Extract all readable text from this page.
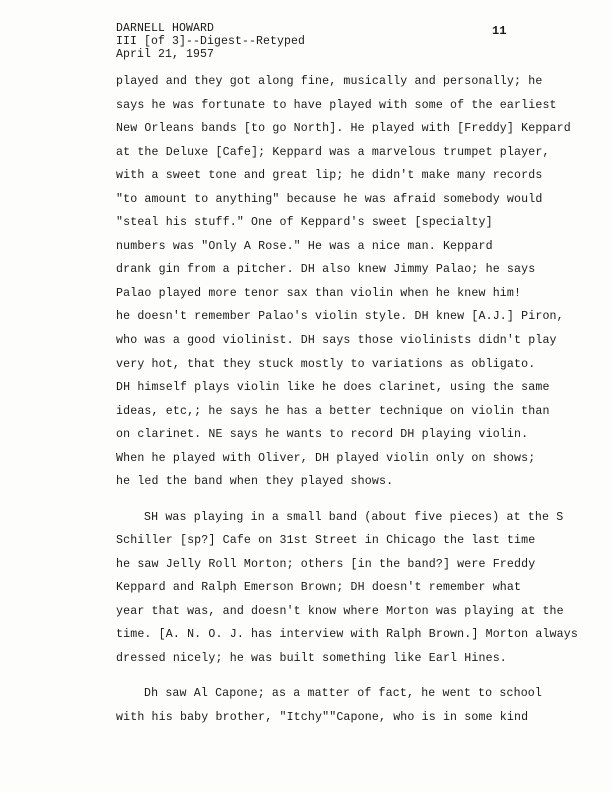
DARNELL HOWARD
III [of 3]--Digest--Retyped
April 21, 1957
11
played and they got along fine, musically and personally; he
says he was fortunate to have played with some of the earliest
New Orleans bands [to go North]. He played with [Freddy] Keppard
at the Deluxe [Cafe]; Keppard was a marvelous trumpet player,
with a sweet tone and great lip; he didn't make many records
"to amount to anything" because he was afraid somebody would
"steal his stuff." One of Keppard's sweet [specialty]
numbers was "Only A Rose." He was a nice man. Keppard
drank gin from a pitcher. DH also knew Jimmy Palao; he says
Palao played more tenor sax than violin when he knew him!
he doesn't remember Palao's violin style. DH knew [A.J.] Piron,
who was a good violinist. DH says those violinists didn't play
very hot, that they stuck mostly to variations as obligato.
DH himself plays violin like he does clarinet, using the same
ideas, etc,; he says he has a better technique on violin than
on clarinet. NE says he wants to record DH playing violin.
When he played with Oliver, DH played violin only on shows;
he led the band when they played shows.
SH was playing in a small band (about five pieces) at the S
Schiller [sp?] Cafe on 31st Street in Chicago the last time
he saw Jelly Roll Morton; others [in the band?] were Freddy
Keppard and Ralph Emerson Brown; DH doesn't remember what
year that was, and doesn't know where Morton was playing at the
time. [A. N. O. J. has interview with Ralph Brown.] Morton always
dressed nicely; he was built something like Earl Hines.
Dh saw Al Capone; as a matter of fact, he went to school
with his baby brother, "Itchy""Capone, who is in some kind
